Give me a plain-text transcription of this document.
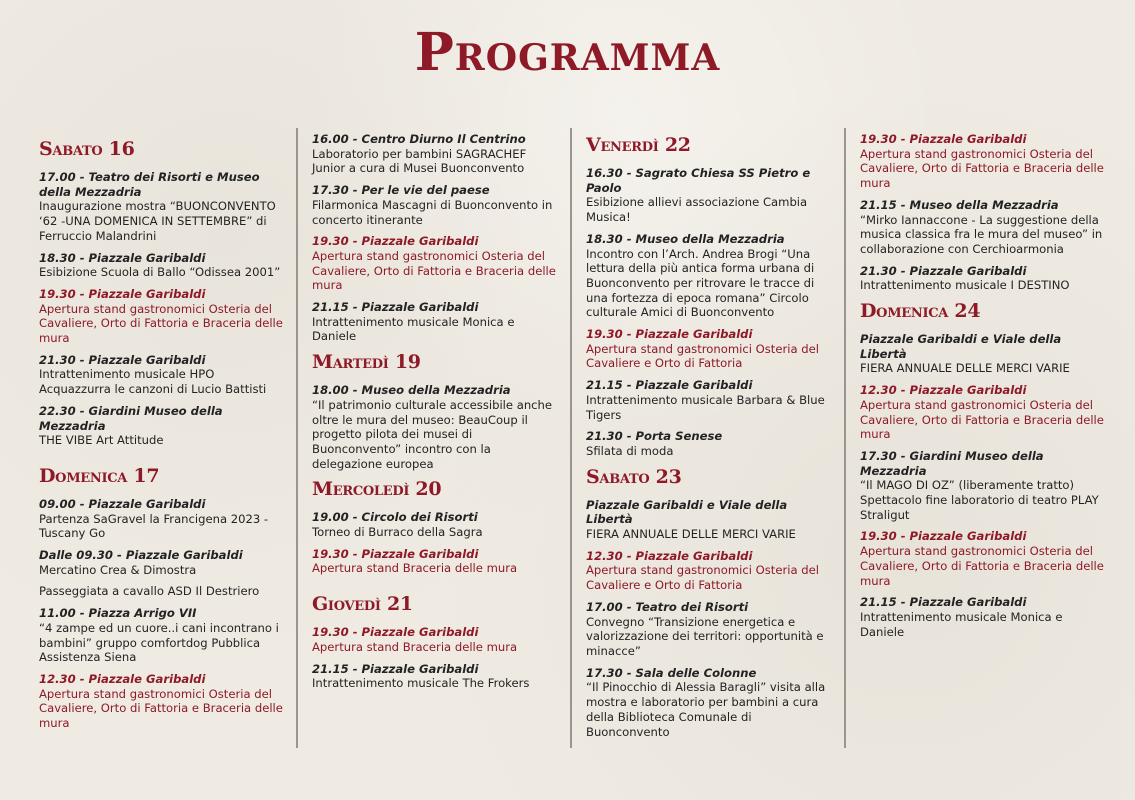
Programma
Sabato 16
17.00 - Teatro dei Risorti e Museo della Mezzadria
Inaugurazione mostra “BUONCONVENTO ‘62 -UNA DOMENICA IN SETTEMBRE” di Ferruccio Malandrini
18.30 - Piazzale Garibaldi
Esibizione Scuola di Ballo “Odissea 2001”
19.30 - Piazzale Garibaldi
Apertura stand gastronomici Osteria del Cavaliere, Orto di Fattoria e Braceria delle mura
21.30 - Piazzale Garibaldi
Intrattenimento musicale HPO Acquazzurra le canzoni di Lucio Battisti
22.30 - Giardini Museo della Mezzadria
THE VIBE Art Attitude
Domenica 17
09.00 - Piazzale Garibaldi
Partenza SaGravel la Francigena 2023 - Tuscany Go
Dalle 09.30 - Piazzale Garibaldi
Mercatino Crea & Dimostra
Passeggiata a cavallo ASD Il Destriero
11.00 - Piazza Arrigo VII
“4 zampe ed un cuore..i cani incontrano i bambini” gruppo comfortdog Pubblica Assistenza Siena
12.30 - Piazzale Garibaldi
Apertura stand gastronomici Osteria del Cavaliere, Orto di Fattoria e Braceria delle mura
16.00 - Centro Diurno Il Centrino
Laboratorio per bambini SAGRACHEF Junior a cura di Musei Buonconvento
17.30 - Per le vie del paese
Filarmonica Mascagni di Buonconvento in concerto itinerante
19.30 - Piazzale Garibaldi
Apertura stand gastronomici Osteria del Cavaliere, Orto di Fattoria e Braceria delle mura
21.15 - Piazzale Garibaldi
Intrattenimento musicale Monica e Daniele
Martedì 19
18.00 - Museo della Mezzadria
“Il patrimonio culturale accessibile anche oltre le mura del museo: BeauCoup il progetto pilota dei musei di Buonconvento” incontro con la delegazione europea
Mercoledì 20
19.00 - Circolo dei Risorti
Torneo di Burraco della Sagra
19.30 - Piazzale Garibaldi
Apertura stand Braceria delle mura
Giovedì 21
19.30 - Piazzale Garibaldi
Apertura stand Braceria delle mura
21.15 - Piazzale Garibaldi
Intrattenimento musicale The Frokers
Venerdì 22
16.30 - Sagrato Chiesa SS Pietro e Paolo
Esibizione allievi associazione Cambia Musica!
18.30 - Museo della Mezzadria
Incontro con l’Arch. Andrea Brogi “Una lettura della più antica forma urbana di Buonconvento per ritrovare le tracce di una fortezza di epoca romana” Circolo culturale Amici di Buonconvento
19.30 - Piazzale Garibaldi
Apertura stand gastronomici Osteria del Cavaliere e Orto di Fattoria
21.15 - Piazzale Garibaldi
Intrattenimento musicale Barbara & Blue Tigers
21.30 - Porta Senese
Sfilata di moda
Sabato 23
Piazzale Garibaldi e Viale della Libertà
FIERA ANNUALE DELLE MERCI VARIE
12.30 - Piazzale Garibaldi
Apertura stand gastronomici Osteria del Cavaliere e Orto di Fattoria
17.00 - Teatro dei Risorti
Convegno “Transizione energetica e valorizzazione dei territori: opportunità e minacce”
17.30 - Sala delle Colonne
“Il Pinocchio di Alessia Baragli” visita alla mostra e laboratorio per bambini a cura della Biblioteca Comunale di Buonconvento
19.30 - Piazzale Garibaldi
Apertura stand gastronomici Osteria del Cavaliere, Orto di Fattoria e Braceria delle mura
21.15 - Museo della Mezzadria
“Mirko Iannaccone - La suggestione della musica classica fra le mura del museo” in collaborazione con Cerchioarmonia
21.30 - Piazzale Garibaldi
Intrattenimento musicale I DESTINO
Domenica 24
Piazzale Garibaldi e Viale della Libertà
FIERA ANNUALE DELLE MERCI VARIE
12.30 - Piazzale Garibaldi
Apertura stand gastronomici Osteria del Cavaliere, Orto di Fattoria e Braceria delle mura
17.30 - Giardini Museo della Mezzadria
“Il MAGO DI OZ” (liberamente tratto) Spettacolo fine laboratorio di teatro PLAY Straligut
19.30 - Piazzale Garibaldi
Apertura stand gastronomici Osteria del Cavaliere, Orto di Fattoria e Braceria delle mura
21.15 - Piazzale Garibaldi
Intrattenimento musicale Monica e Daniele
